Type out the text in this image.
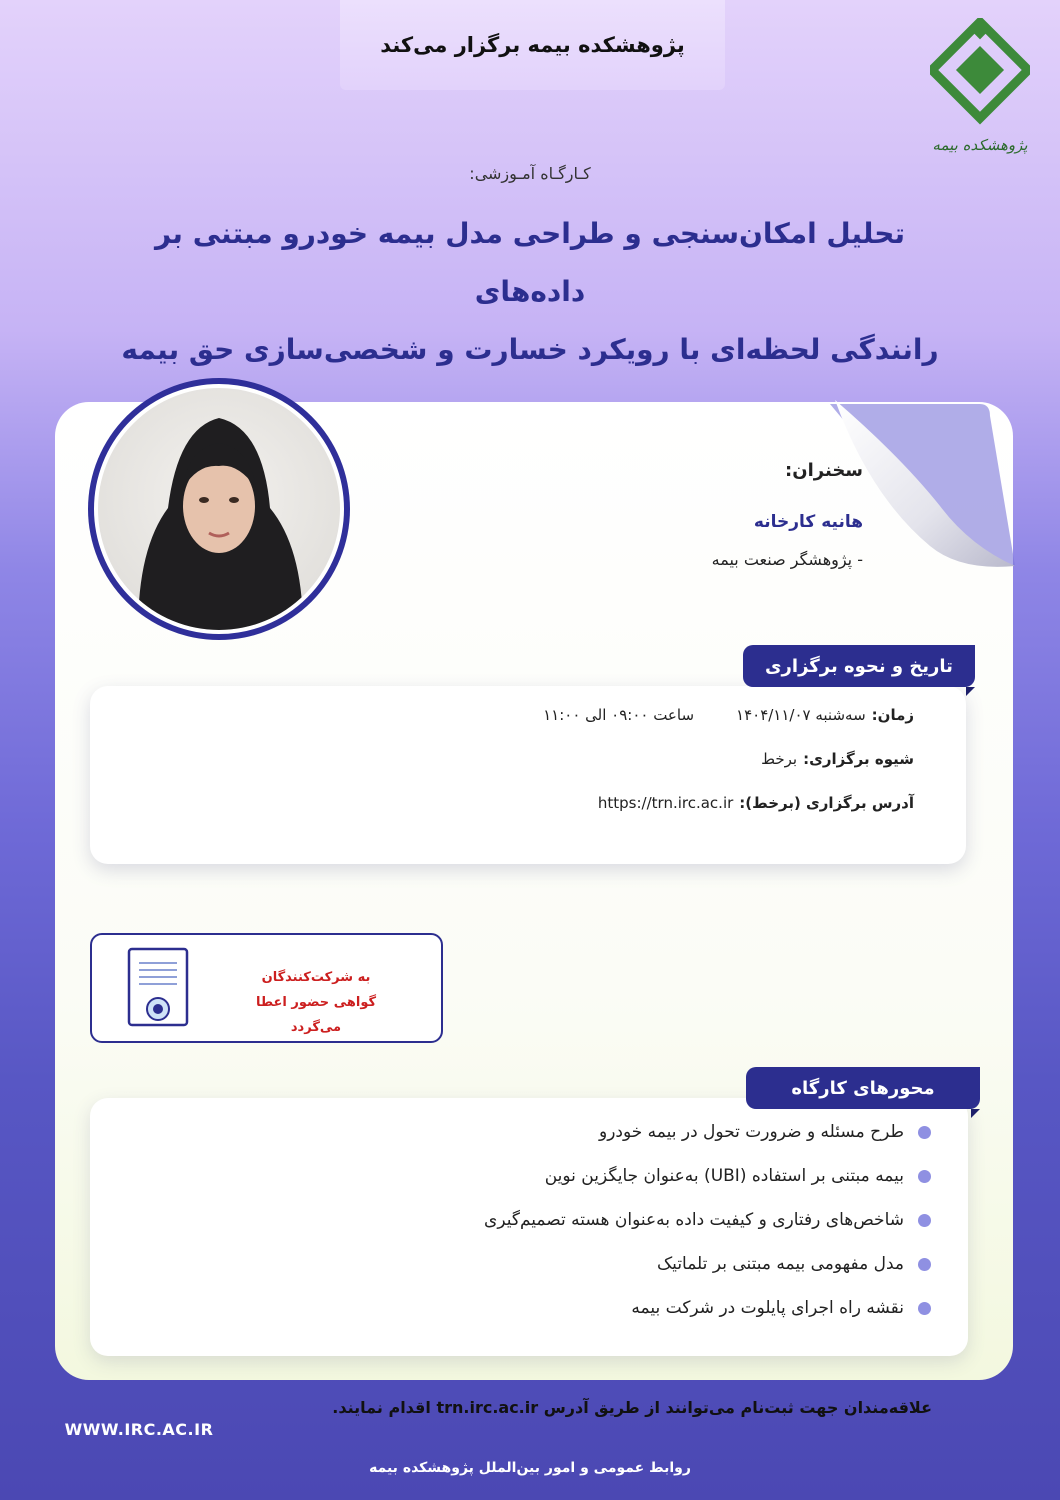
پژوهشکده بیمه برگزار می‌کند
پژوهشکده بیمه
کـارگـاه آمـوزشی:
تحلیل امکان‌سنجی و طراحی مدل بیمه خودرو مبتنی بر داده‌های
رانندگی لحظه‌ای با رویکرد خسارت و شخصی‌سازی حق بیمه
سخنران:
هانیه کارخانه
- پژوهشگر صنعت بیمه
زمان:
سه‌شنبه ۱۴۰۴/۱۱/۰۷
ساعت ۰۹:۰۰ الی ۱۱:۰۰
شیوه برگزاری:
برخط
آدرس برگزاری (برخط):
https://trn.irc.ac.ir
تاریخ و نحوه برگزاری
به شرکت‌کنندگان
گواهی حضور اعطا می‌گردد
طرح مسئله و ضرورت تحول در بیمه خودرو
بیمه مبتنی بر استفاده (UBI) به‌عنوان جایگزین نوین
شاخص‌های رفتاری و کیفیت داده به‌عنوان هسته تصمیم‌گیری
مدل مفهومی بیمه مبتنی بر تلماتیک
نقشه راه اجرای پایلوت در شرکت بیمه
محورهای کارگاه
علاقه‌مندان جهت ثبت‌نام می‌توانند از طریق آدرس trn.irc.ac.ir اقدام نمایند.
WWW.IRC.AC.IR
روابط عمومی و امور بین‌الملل پژوهشکده بیمه
